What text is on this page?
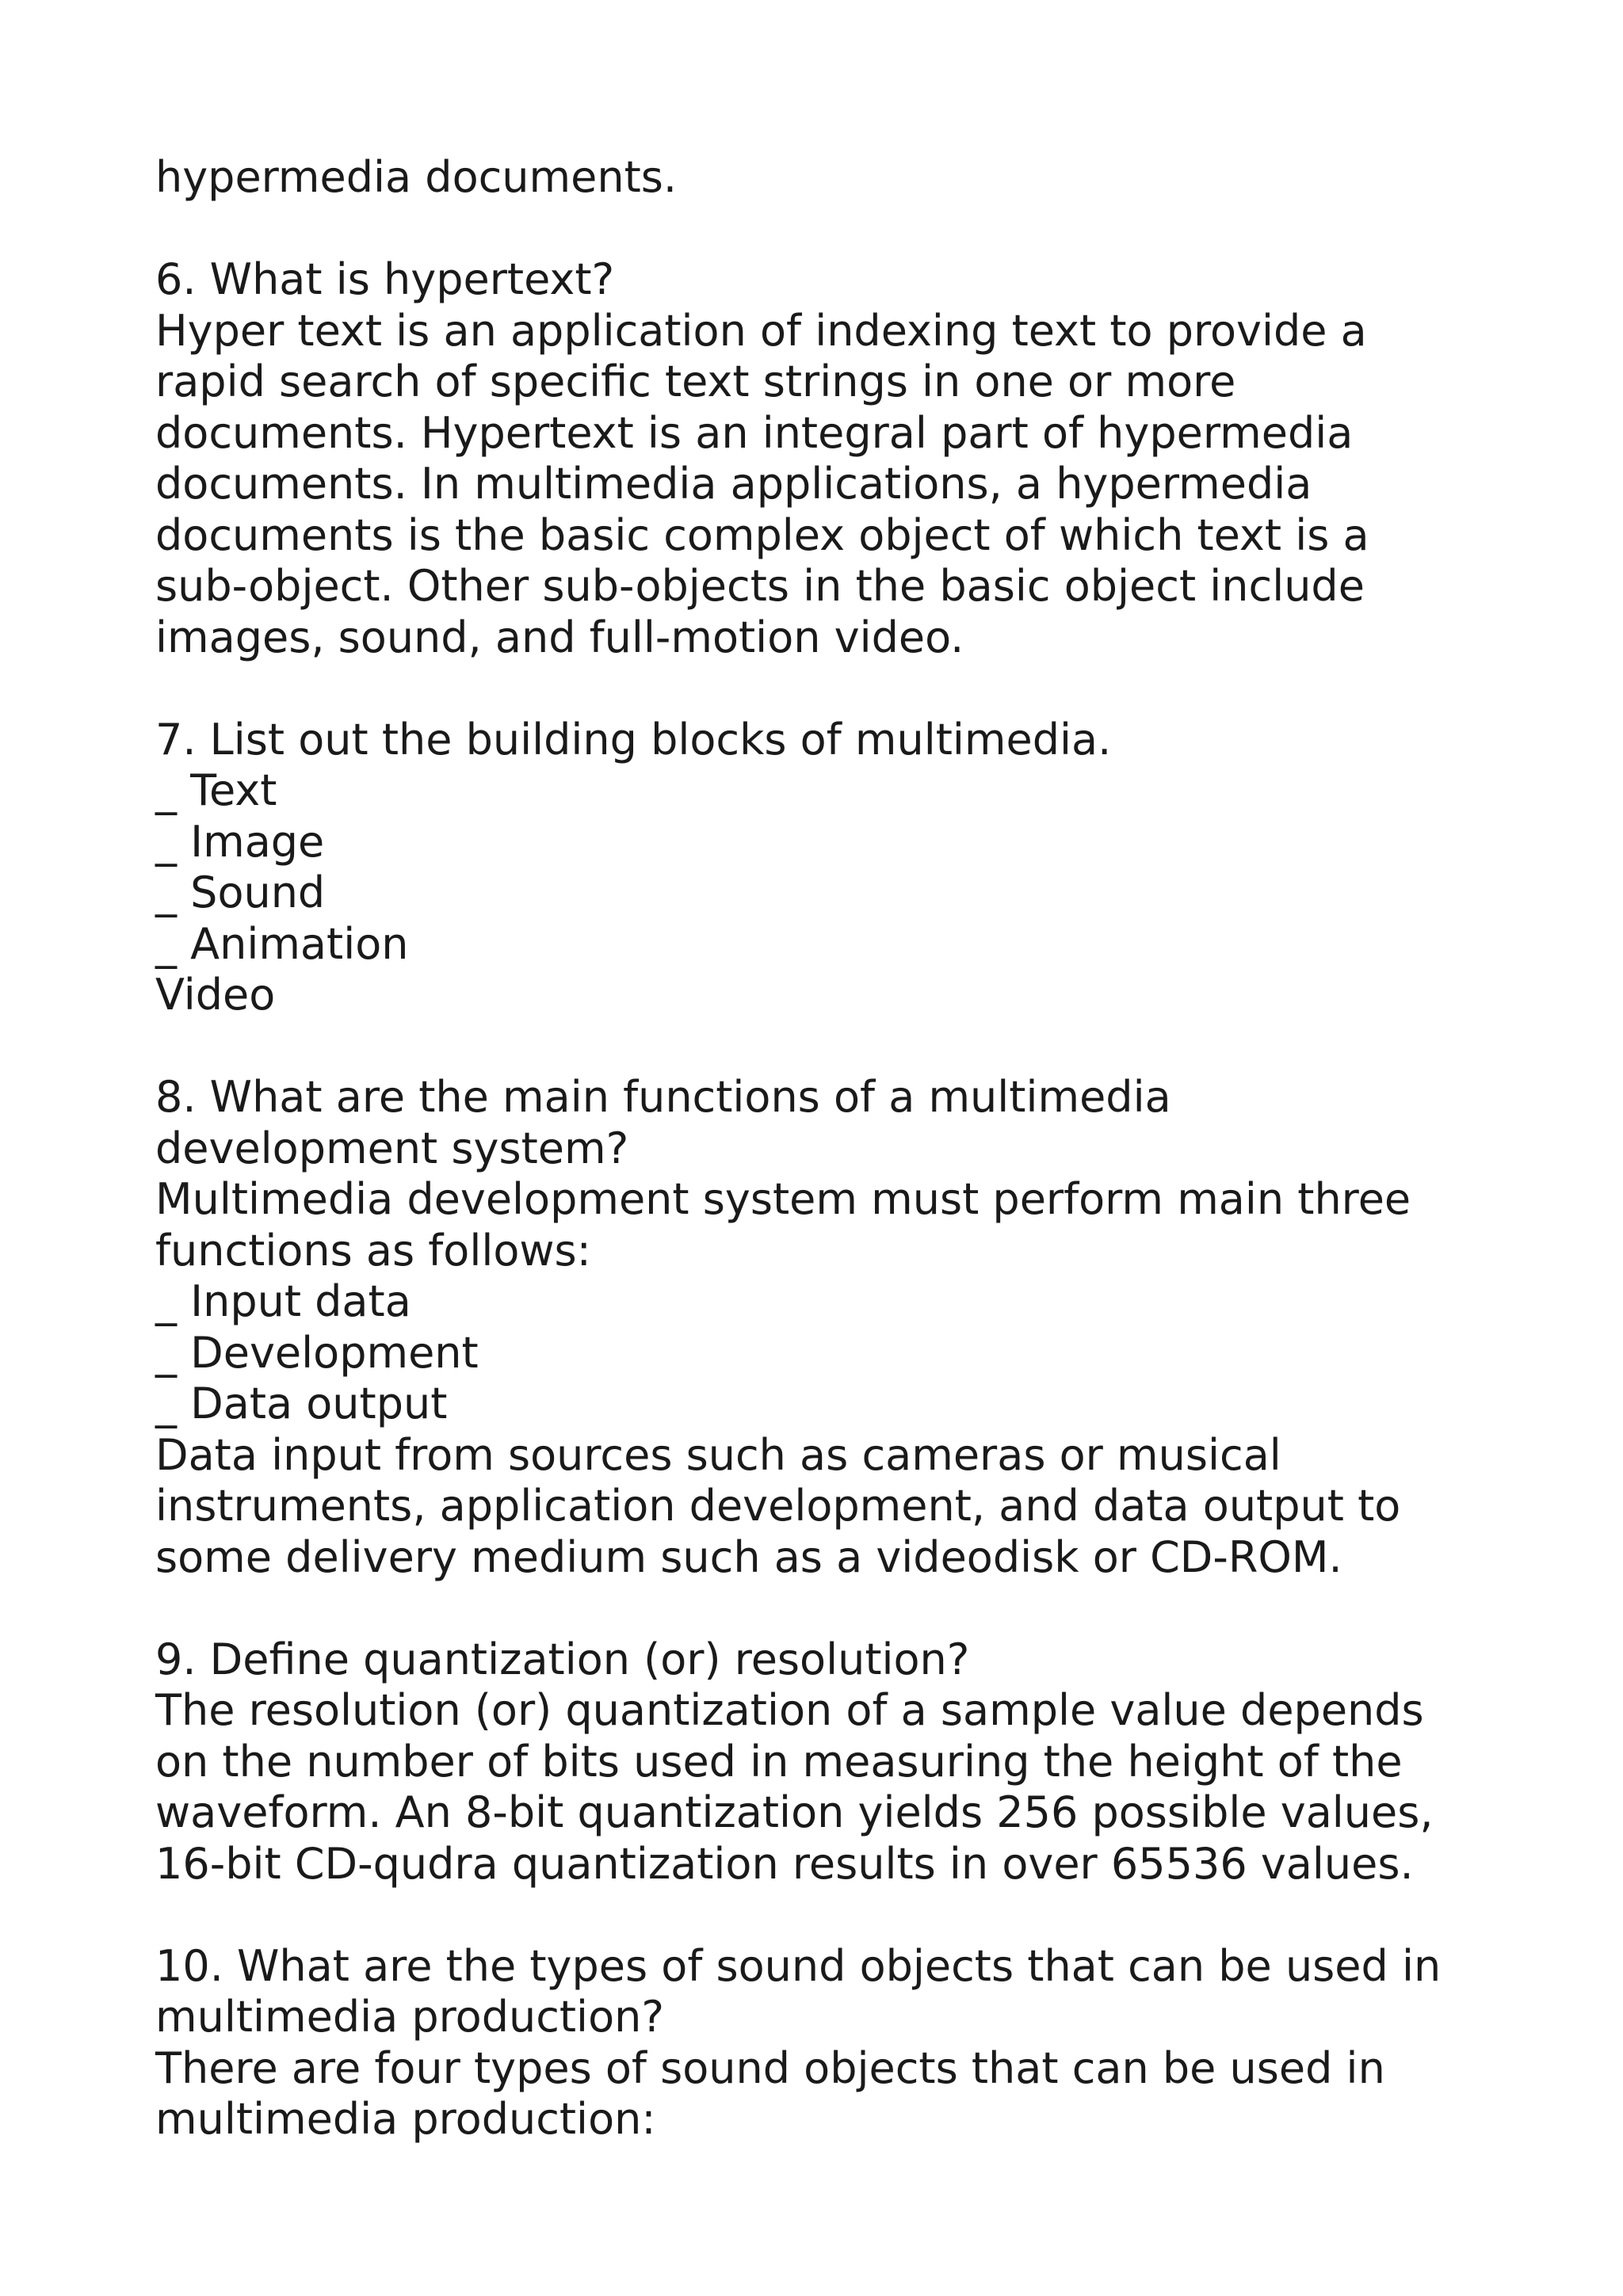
hypermedia documents.
6. What is hypertext?
Hyper text is an application of indexing text to provide a
rapid search of specific text strings in one or more
documents. Hypertext is an integral part of hypermedia
documents. In multimedia applications, a hypermedia
documents is the basic complex object of which text is a
sub-object. Other sub-objects in the basic object include
images, sound, and full-motion video.
7. List out the building blocks of multimedia.
_ Text
_ Image
_ Sound
_ Animation
Video
8. What are the main functions of a multimedia
development system?
Multimedia development system must perform main three
functions as follows:
_ Input data
_ Development
_ Data output
Data input from sources such as cameras or musical
instruments, application development, and data output to
some delivery medium such as a videodisk or CD-ROM.
9. Define quantization (or) resolution?
The resolution (or) quantization of a sample value depends
on the number of bits used in measuring the height of the
waveform. An 8-bit quantization yields 256 possible values,
16-bit CD-qudra quantization results in over 65536 values.
10. What are the types of sound objects that can be used in
multimedia production?
There are four types of sound objects that can be used in
multimedia production:
